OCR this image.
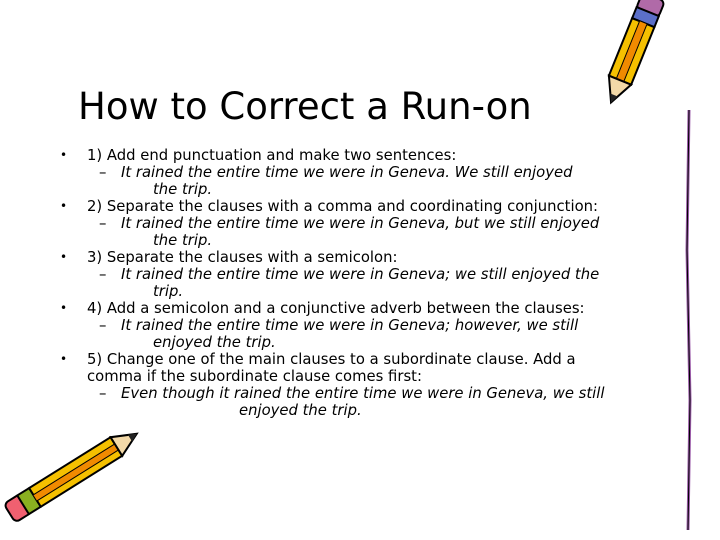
How to Correct a Run-on
• 1) Add end punctuation and make two sentences:
– It rained the entire time we were in Geneva. We still enjoyed
the trip.
• 2) Separate the clauses with a comma and coordinating conjunction:
– It rained the entire time we were in Geneva, but we still enjoyed
the trip.
• 3) Separate the clauses with a semicolon:
– It rained the entire time we were in Geneva; we still enjoyed the
trip.
• 4) Add a semicolon and a conjunctive adverb between the clauses:
– It rained the entire time we were in Geneva; however, we still
enjoyed the trip.
• 5) Change one of the main clauses to a subordinate clause. Add a
comma if the subordinate clause comes first:
– Even though it rained the entire time we were in Geneva, we still
enjoyed the trip.
